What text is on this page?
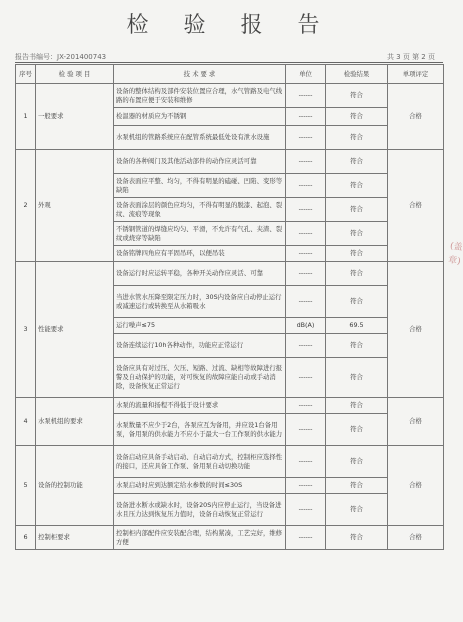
检 验 报 告
报告书编号：JX-201400743	共 3 页 第 2 页
序号	检 验 项 目	技 术 要 求	单位	检验结果	单项评定
1	一般要求	设备的整体结构及部件安装位置应合理，水气管路及电气线路的布置应便于安装和维修	------	符合	合格
		检温器的材质应为不锈钢	------	符合	
		水泵机组的管路系统应在配管系统最低处设有泄水设施	------	符合	
2	外观	设备的各种阀门及其他活动部件的动作应灵活可靠	------	符合	合格
		设备表面应平整、均匀，不得有明显的磕碰、凹陷、变形等缺陷	------	符合	
		设备表面涂层的颜色应均匀，不得有明显的脱漆、起泡、裂纹、流痕等现象	------	符合	
		不锈钢管道的焊缝应均匀、平滑，不允许有气孔、夹渣、裂纹或烧穿等缺陷	------	符合	
		设备铭牌四角应有平固吊环，以便吊装	------	符合	
3	性能要求	设备运行时应运转平稳，各种开关动作应灵活、可靠	------	符合	合格
		当进水管水压降至限定压力时，30S内设备应自动停止运行或减速运行或转换至从水箱吸水	------	符合	
		运行噪声≤75	dB(A)	69.5	
		设备连续运行10h各种动作，功能应正常运行	------	符合	
		设备应具有对过压、欠压、短路、过流、缺相等故障进行报警及自动保护的功能，对可恢复的故障应能自动或手动消除，设备恢复正常运行	------	符合	
4	水泵机组的要求	水泵的流量和扬程不得低于设计要求	------	符合	合格
		水泵数量不应少于2台，各泵应互为备用，并应设1台备用泵，备用泵的供水能力不应小于最大一台工作泵的供水能力	------	符合	
5	设备的控制功能	设备启动应具备手动启动、自动启动方式，控制柜应选择性的接口，还应具备工作泵、备用泵自动切换功能	------	符合	合格
		水泵启动时应到达额定给水参数的时间≤30S	------	符合	
		设备进水断水或缺水时，设备20S内应停止运行，当设备进水且压力达到恢复压力值时，设备自动恢复正常运行	------	符合	
6	控制柜要求	控制柜内部配件应安装配合理，结构紧凑，工艺完好，维修方便	------	符合	合格
(盖章)
